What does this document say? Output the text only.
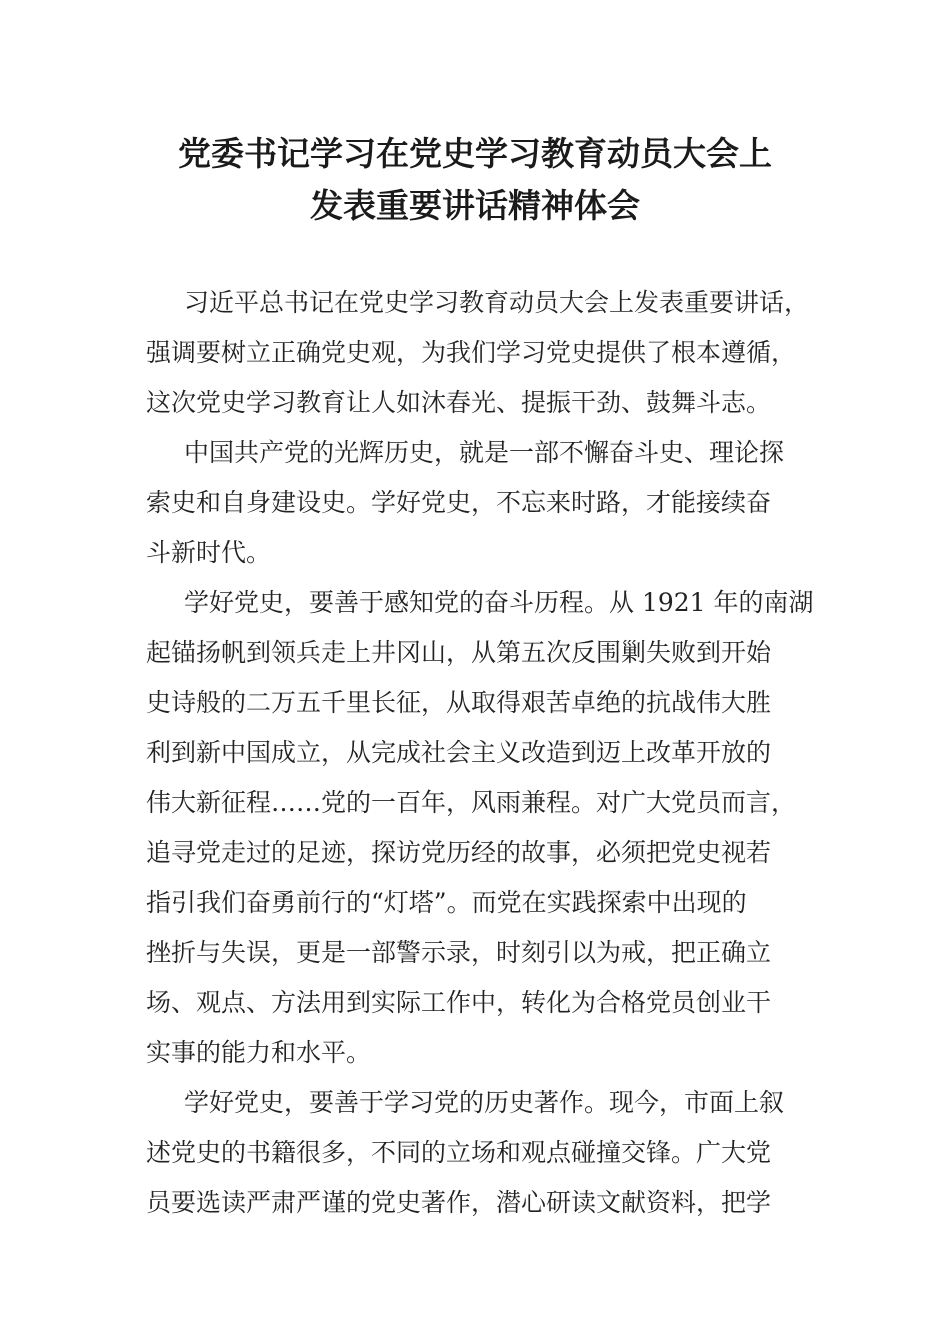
党委书记学习在党史学习教育动员大会上
发表重要讲话精神体会
习近平总书记在党史学习教育动员大会上发表重要讲话，
强调要树立正确党史观，为我们学习党史提供了根本遵循，
这次党史学习教育让人如沐春光、提振干劲、鼓舞斗志。
中国共产党的光辉历史，就是一部不懈奋斗史、理论探
索史和自身建设史。学好党史，不忘来时路，才能接续奋
斗新时代。
学好党史，要善于感知党的奋斗历程。从 1921 年的南湖
起锚扬帆到领兵走上井冈山，从第五次反围剿失败到开始
史诗般的二万五千里长征，从取得艰苦卓绝的抗战伟大胜
利到新中国成立，从完成社会主义改造到迈上改革开放的
伟大新征程……党的一百年，风雨兼程。对广大党员而言，
追寻党走过的足迹，探访党历经的故事，必须把党史视若
指引我们奋勇前行的“灯塔”。而党在实践探索中出现的
挫折与失误，更是一部警示录，时刻引以为戒，把正确立
场、观点、方法用到实际工作中，转化为合格党员创业干
实事的能力和水平。
学好党史，要善于学习党的历史著作。现今，市面上叙
述党史的书籍很多，不同的立场和观点碰撞交锋。广大党
员要选读严肃严谨的党史著作，潜心研读文献资料，把学
